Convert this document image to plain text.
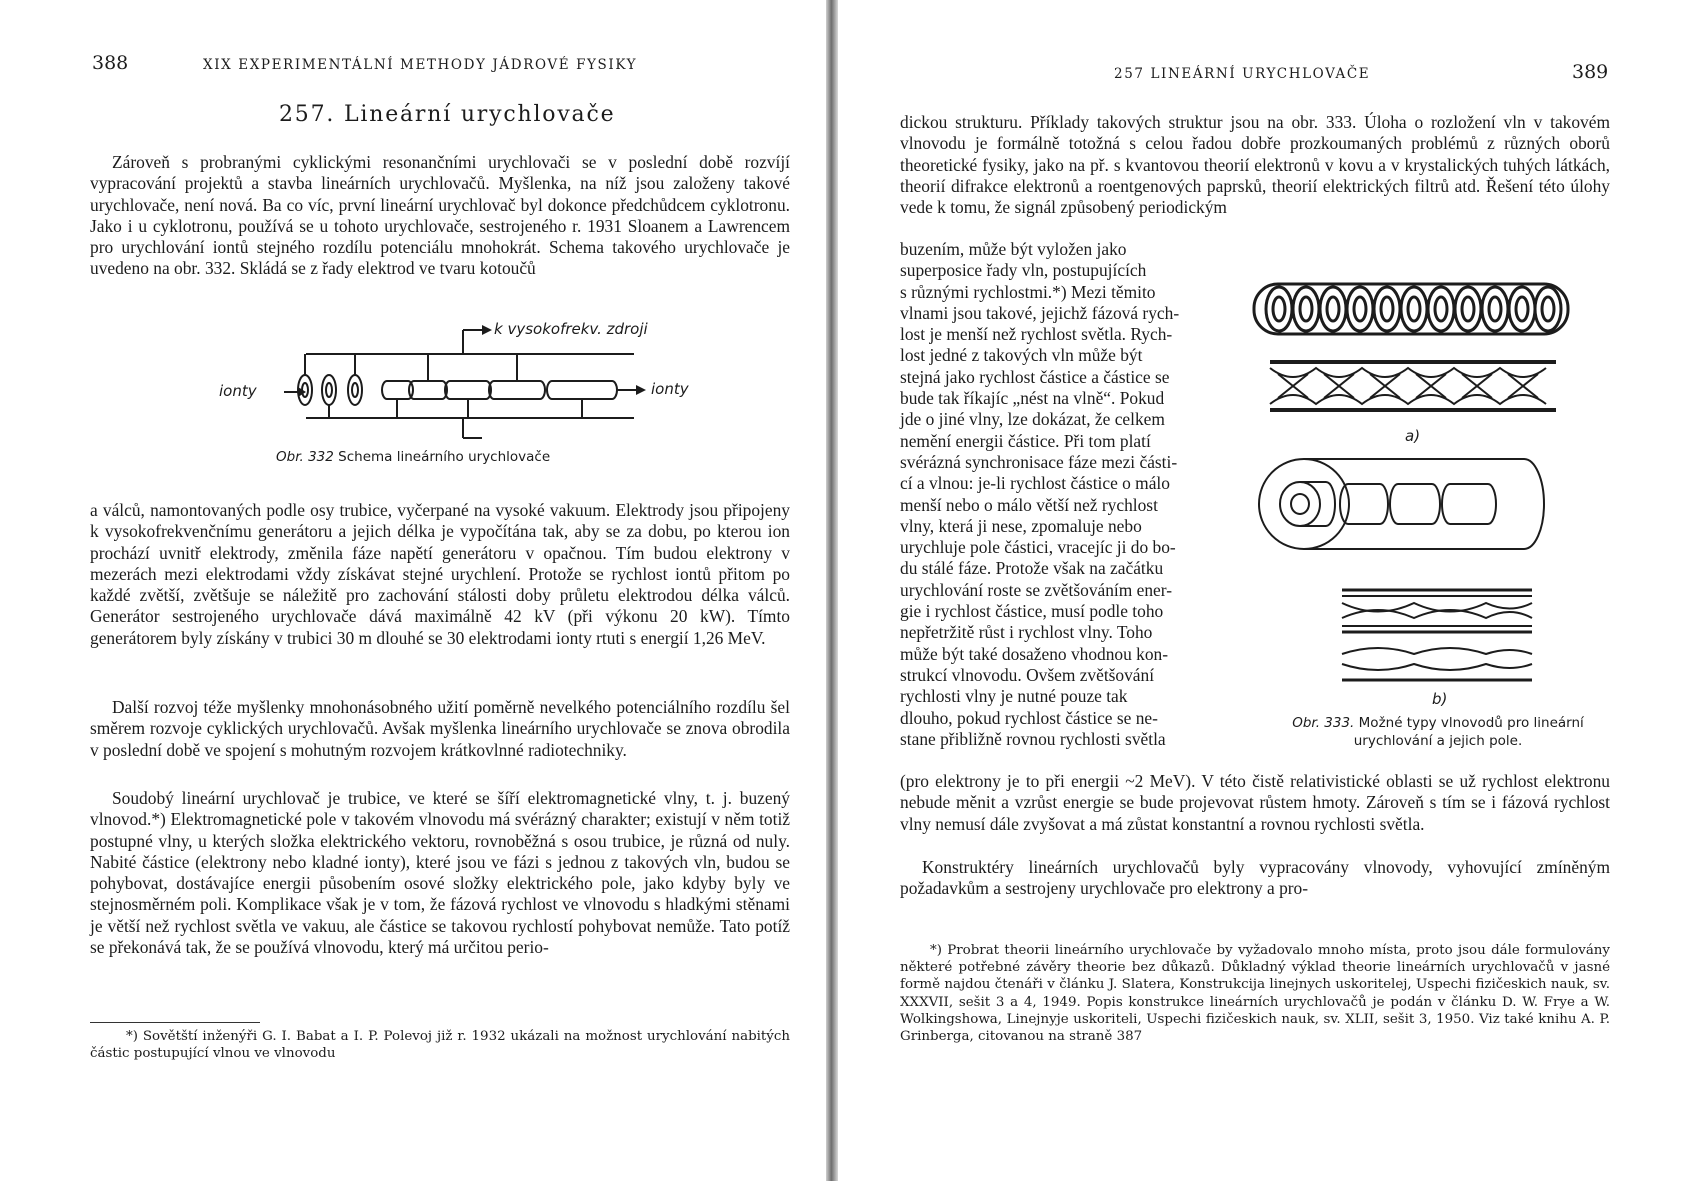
388	XIX EXPERIMENTÁLNÍ METHODY JÁDROVÉ FYSIKY
257. Lineární urychlovače

Zároveň s probranými cyklickými resonančními urychlovači se v poslední době rozvíjí vypracování projektů a stavba lineárních urychlovačů. Myšlenka, na níž jsou založeny takové urychlovače, není nová. Ba co víc, první lineární urychlovač byl dokonce předchůdcem cyklotronu. Jako i u cyklotronu, používá se u tohoto urychlovače, sestrojeného r. 1931 Sloanem a Lawrencem pro urychlování iontů stejného rozdílu potenciálu mnohokrát. Schema takového urychlovače je uvedeno na obr. 332. Skládá se z řady elektrod ve tvaru kotoučů

k vysokofrekv. zdroji
ionty	ionty
Obr. 332 Schema lineárního urychlovače

a válců, namontovaných podle osy trubice, vyčerpané na vysoké vakuum. Elektrody jsou připojeny k vysokofrekvenčnímu generátoru a jejich délka je vypočítána tak, aby se za dobu, po kterou ion prochází uvnitř elektrody, změnila fáze napětí generátoru v opačnou. Tím budou elektrony v mezerách mezi elektrodami vždy získávat stejné urychlení. Protože se rychlost iontů přitom po každé zvětší, zvětšuje se náležitě pro zachování stálosti doby průletu elektrodou délka válců. Generátor sestrojeného urychlovače dává maximálně 42 kV (při výkonu 20 kW). Tímto generátorem byly získány v trubici 30 m dlouhé se 30 elektrodami ionty rtuti s energií 1,26 MeV.

Další rozvoj téže myšlenky mnohonásobného užití poměrně nevelkého potenciálního rozdílu šel směrem rozvoje cyklických urychlovačů. Avšak myšlenka lineárního urychlovače se znova obrodila v poslední době ve spojení s mohutným rozvojem krátkovlnné radiotechniky.

Soudobý lineární urychlovač je trubice, ve které se šíří elektromagnetické vlny, t. j. buzený vlnovod.*) Elektromagnetické pole v takovém vlnovodu má svérázný charakter; existují v něm totiž postupné vlny, u kterých složka elektrického vektoru, rovnoběžná s osou trubice, je různá od nuly. Nabité částice (elektrony nebo kladné ionty), které jsou ve fázi s jednou z takových vln, budou se pohybovat, dostávajíce energii působením osové složky elektrického pole, jako kdyby byly ve stejnosměrném poli. Komplikace však je v tom, že fázová rychlost ve vlnovodu s hladkými stěnami je větší než rychlost světla ve vakuu, ale částice se takovou rychlostí pohybovat nemůže. Tato potíž se překonává tak, že se používá vlnovodu, který má určitou perio-

*) Sovětští inženýři G. I. Babat a I. P. Polevoj již r. 1932 ukázali na možnost urychlování nabitých částic postupující vlnou ve vlnovodu

257 LINEÁRNÍ URYCHLOVAČE	389

dickou strukturu. Příklady takových struktur jsou na obr. 333. Úloha o rozložení vln v takovém vlnovodu je formálně totožná s celou řadou dobře prozkoumaných problémů z různých oborů theoretické fysiky, jako na př. s kvantovou theorií elektronů v kovu a v krystalických tuhých látkách, theorií difrakce elektronů a roentgenových paprsků, theorií elektrických filtrů atd. Řešení této úlohy vede k tomu, že signál způsobený periodickým

buzením, může být vyložen jako
superposice řady vln, postupujících
s různými rychlostmi.*) Mezi těmito
vlnami jsou takové, jejichž fázová rych-
lost je menší než rychlost světla. Rych-
lost jedné z takových vln může být
stejná jako rychlost částice a částice se
bude tak říkajíc „nést na vlně“. Pokud
jde o jiné vlny, lze dokázat, že celkem
nemění energii částice. Při tom platí
svérázná synchronisace fáze mezi části-
cí a vlnou: je-li rychlost částice o málo
menší nebo o málo větší než rychlost
vlny, která ji nese, zpomaluje nebo
urychluje pole částici, vracejíc ji do bo-
du stálé fáze. Protože však na začátku
urychlování roste se zvětšováním ener-
gie i rychlost částice, musí podle toho
nepřetržitě růst i rychlost vlny. Toho
může být také dosaženo vhodnou kon-
strukcí vlnovodu. Ovšem zvětšování
rychlosti vlny je nutné pouze tak
dlouho, pokud rychlost částice se ne-
stane přibližně rovnou rychlosti světla
a)
b)
Obr. 333. Možné typy vlnovodů pro lineární urychlování a jejich pole.

(pro elektrony je to při energii ~2 MeV). V této čistě relativistické oblasti se už rychlost elektronu nebude měnit a vzrůst energie se bude projevovat růstem hmoty. Zároveň s tím se i fázová rychlost vlny nemusí dále zvyšovat a má zůstat konstantní a rovnou rychlosti světla.

Konstruktéry lineárních urychlovačů byly vypracovány vlnovody, vyhovující zmíněným požadavkům a sestrojeny urychlovače pro elektrony a pro-

*) Probrat theorii lineárního urychlovače by vyžadovalo mnoho místa, proto jsou dále formulovány některé potřebné závěry theorie bez důkazů. Důkladný výklad theorie lineárních urychlovačů v jasné formě najdou čtenáři v článku J. Slatera, Konstrukcija linejnych uskoritelej, Uspechi fizičeskich nauk, sv. XXXVII, sešit 3 a 4, 1949. Popis konstrukce lineárních urychlovačů je podán v článku D. W. Frye a W. Wolkingshowa, Linejnyje uskoriteli, Uspechi fizičeskich nauk, sv. XLII, sešit 3, 1950. Viz také knihu A. P. Grinberga, citovanou na straně 387
